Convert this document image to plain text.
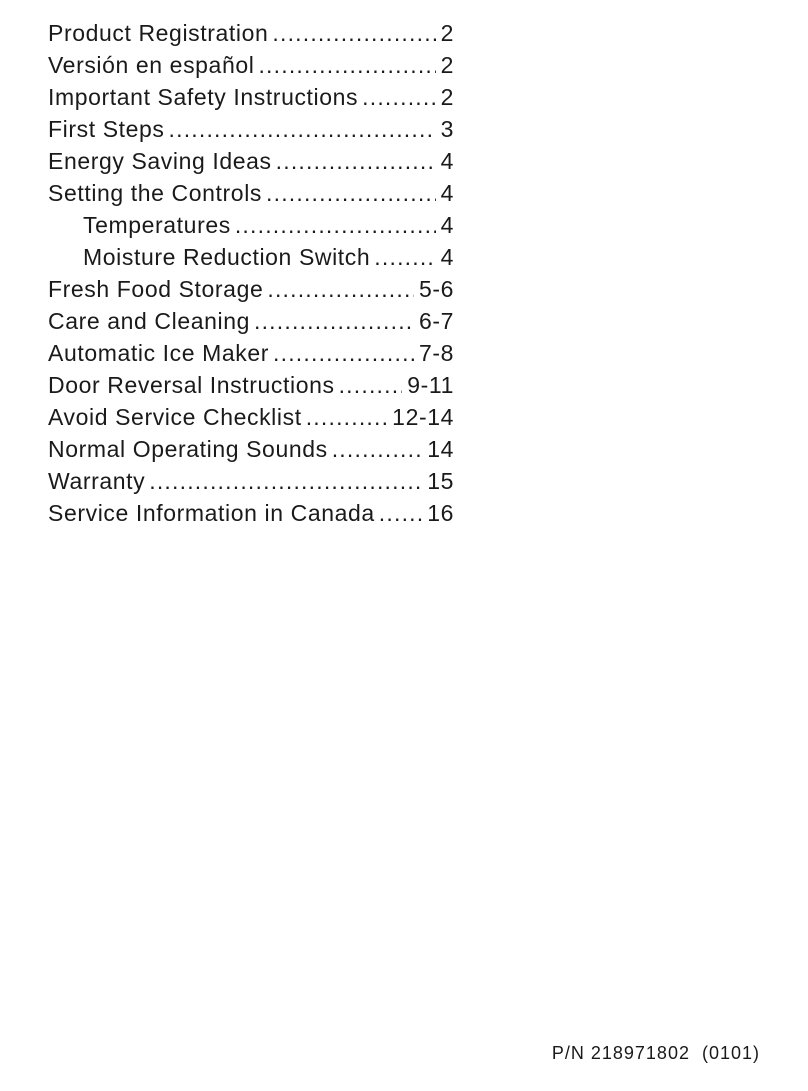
Product Registration .....	2
Versión en español .....	2
Important Safety Instructions .....	2
First Steps .....	3
Energy Saving Ideas .....	4
Setting the Controls .....	4
Temperatures .....	4
Moisture Reduction Switch .....	4
Fresh Food Storage .....	5-6
Care and Cleaning .....	6-7
Automatic Ice Maker .....	7-8
Door Reversal Instructions .....	9-11
Avoid Service Checklist .....	12-14
Normal Operating Sounds .....	14
Warranty .....	15
Service Information in Canada ..... 16
P/N 218971802  (0101)
